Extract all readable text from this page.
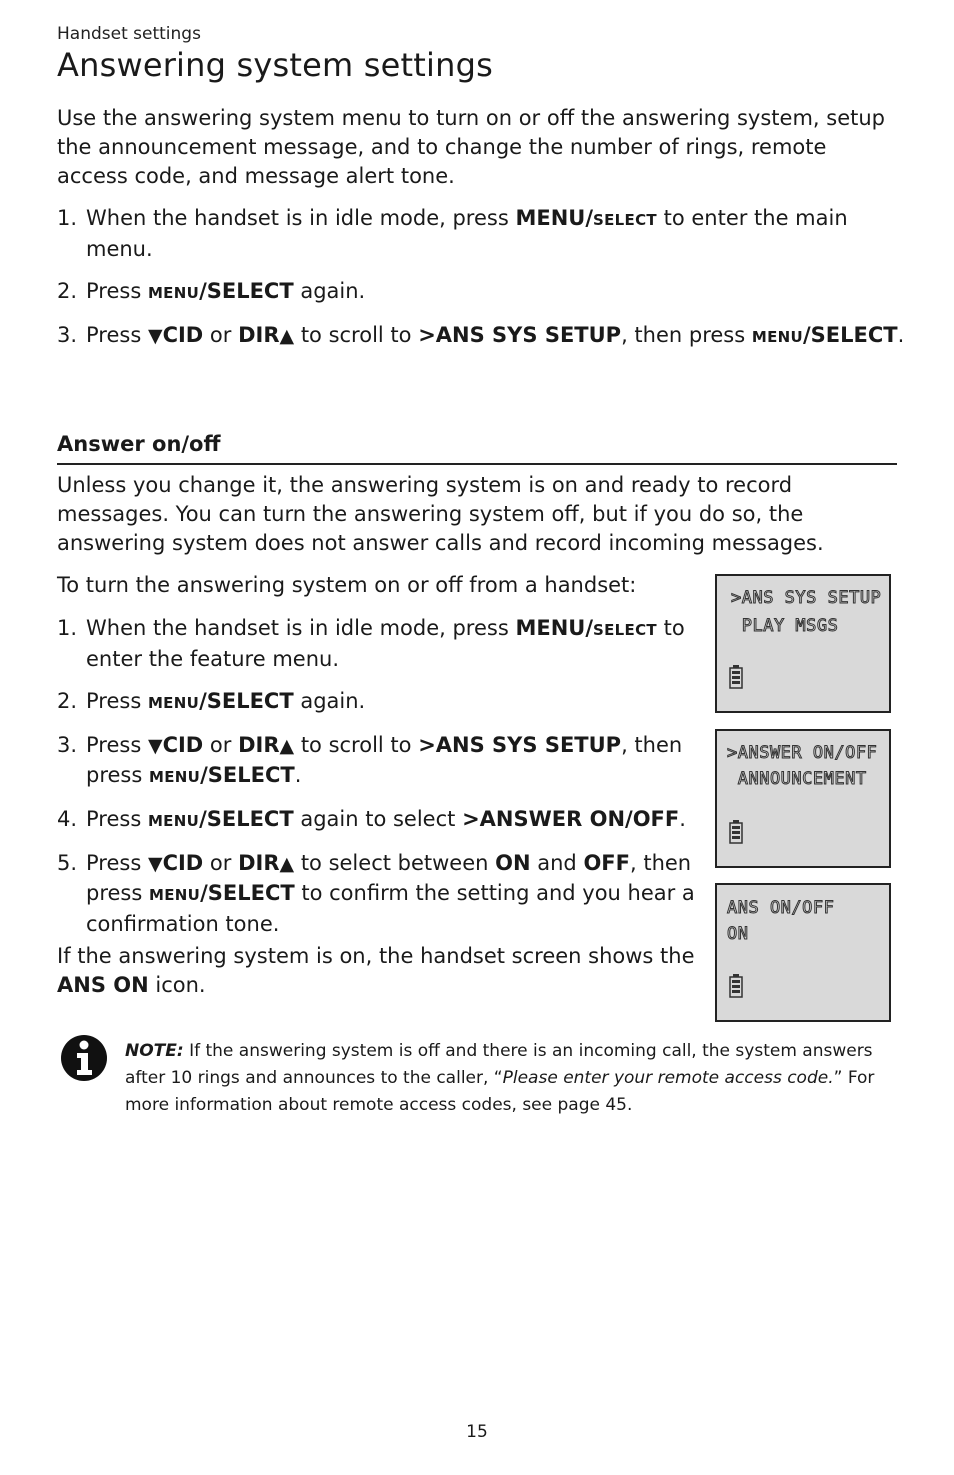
Handset settings
Answering system settings
Use the answering system menu to turn on or off the answering system, setup the announcement message, and to change the number of rings, remote access code, and message alert tone.
1. When the handset is in idle mode, press MENU/SELECT to enter the main menu.
2. Press MENU/SELECT again.
3. Press ▼CID or DIR▲ to scroll to >ANS SYS SETUP, then press MENU/SELECT.
Answer on/off
Unless you change it, the answering system is on and ready to record messages. You can turn the answering system off, but if you do so, the answering system does not answer calls and record incoming messages.
To turn the answering system on or off from a handset:
1. When the handset is in idle mode, press MENU/SELECT to enter the feature menu.
2. Press MENU/SELECT again.
3. Press ▼CID or DIR▲ to scroll to >ANS SYS SETUP, then press MENU/SELECT.
4. Press MENU/SELECT again to select >ANSWER ON/OFF.
5. Press ▼CID or DIR▲ to select between ON and OFF, then press MENU/SELECT to confirm the setting and you hear a confirmation tone.
If the answering system is on, the handset screen shows the ANS ON icon.
>ANS SYS SETUP
PLAY MSGS
>ANSWER ON/OFF
ANNOUNCEMENT
ANS ON/OFF
ON
NOTE: If the answering system is off and there is an incoming call, the system answers after 10 rings and announces to the caller, “Please enter your remote access code.” For more information about remote access codes, see page 45.
15
